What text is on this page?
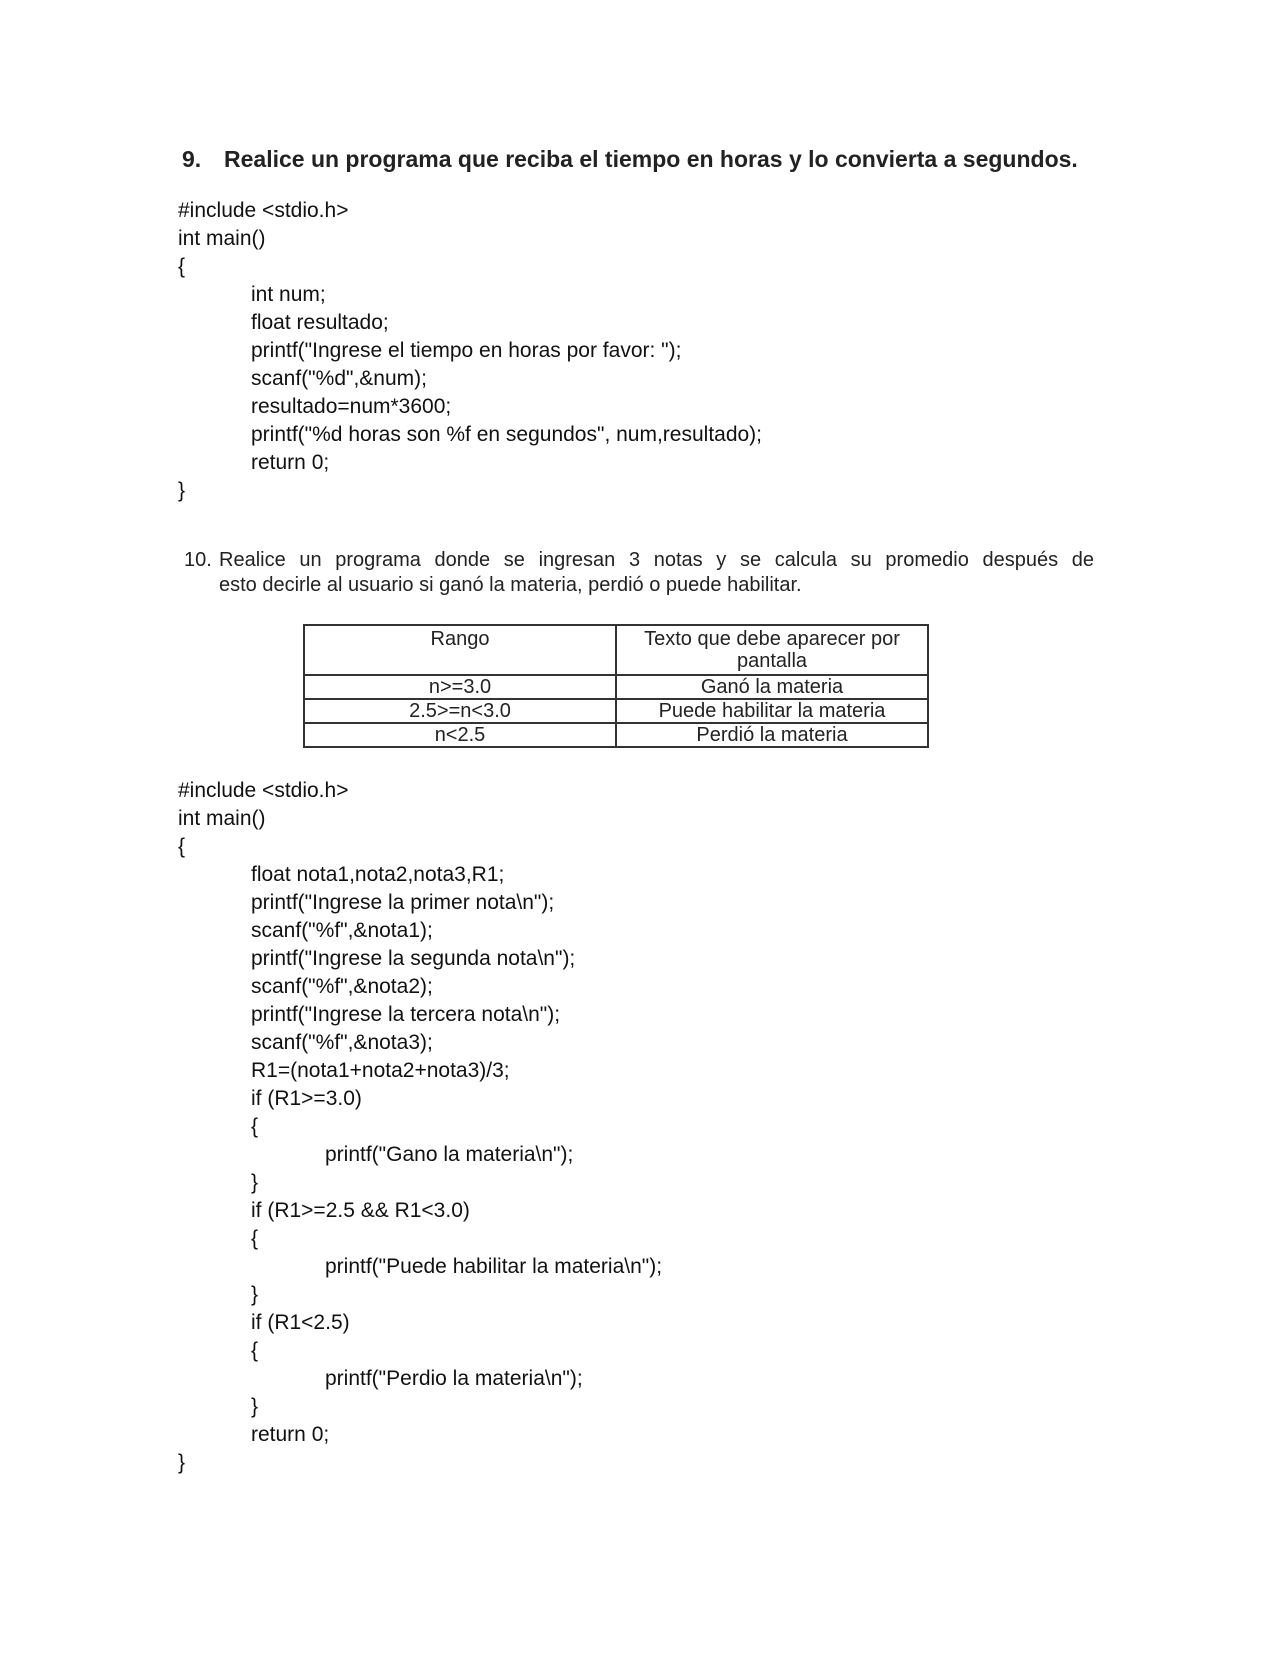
9. Realice un programa que reciba el tiempo en horas y lo convierta a segundos.
#include <stdio.h>
int main()
{
int num;
float resultado;
printf("Ingrese el tiempo en horas por favor: ");
scanf("%d",&num);
resultado=num*3600;
printf("%d horas son %f en segundos", num,resultado);
return 0;
}
10. Realice un programa donde se ingresan 3 notas y se calcula su promedio después de
esto decirle al usuario si ganó la materia, perdió o puede habilitar.
Rango	Texto que debe aparecer por pantalla
n>=3.0	Ganó la materia
2.5>=n<3.0	Puede habilitar la materia
n<2.5	Perdió la materia
#include <stdio.h>
int main()
{
float nota1,nota2,nota3,R1;
printf("Ingrese la primer nota\n");
scanf("%f",&nota1);
printf("Ingrese la segunda nota\n");
scanf("%f",&nota2);
printf("Ingrese la tercera nota\n");
scanf("%f",&nota3);
R1=(nota1+nota2+nota3)/3;
if (R1>=3.0)
{
printf("Gano la materia\n");
}
if (R1>=2.5 && R1<3.0)
{
printf("Puede habilitar la materia\n");
}
if (R1<2.5)
{
printf("Perdio la materia\n");
}
return 0;
}
